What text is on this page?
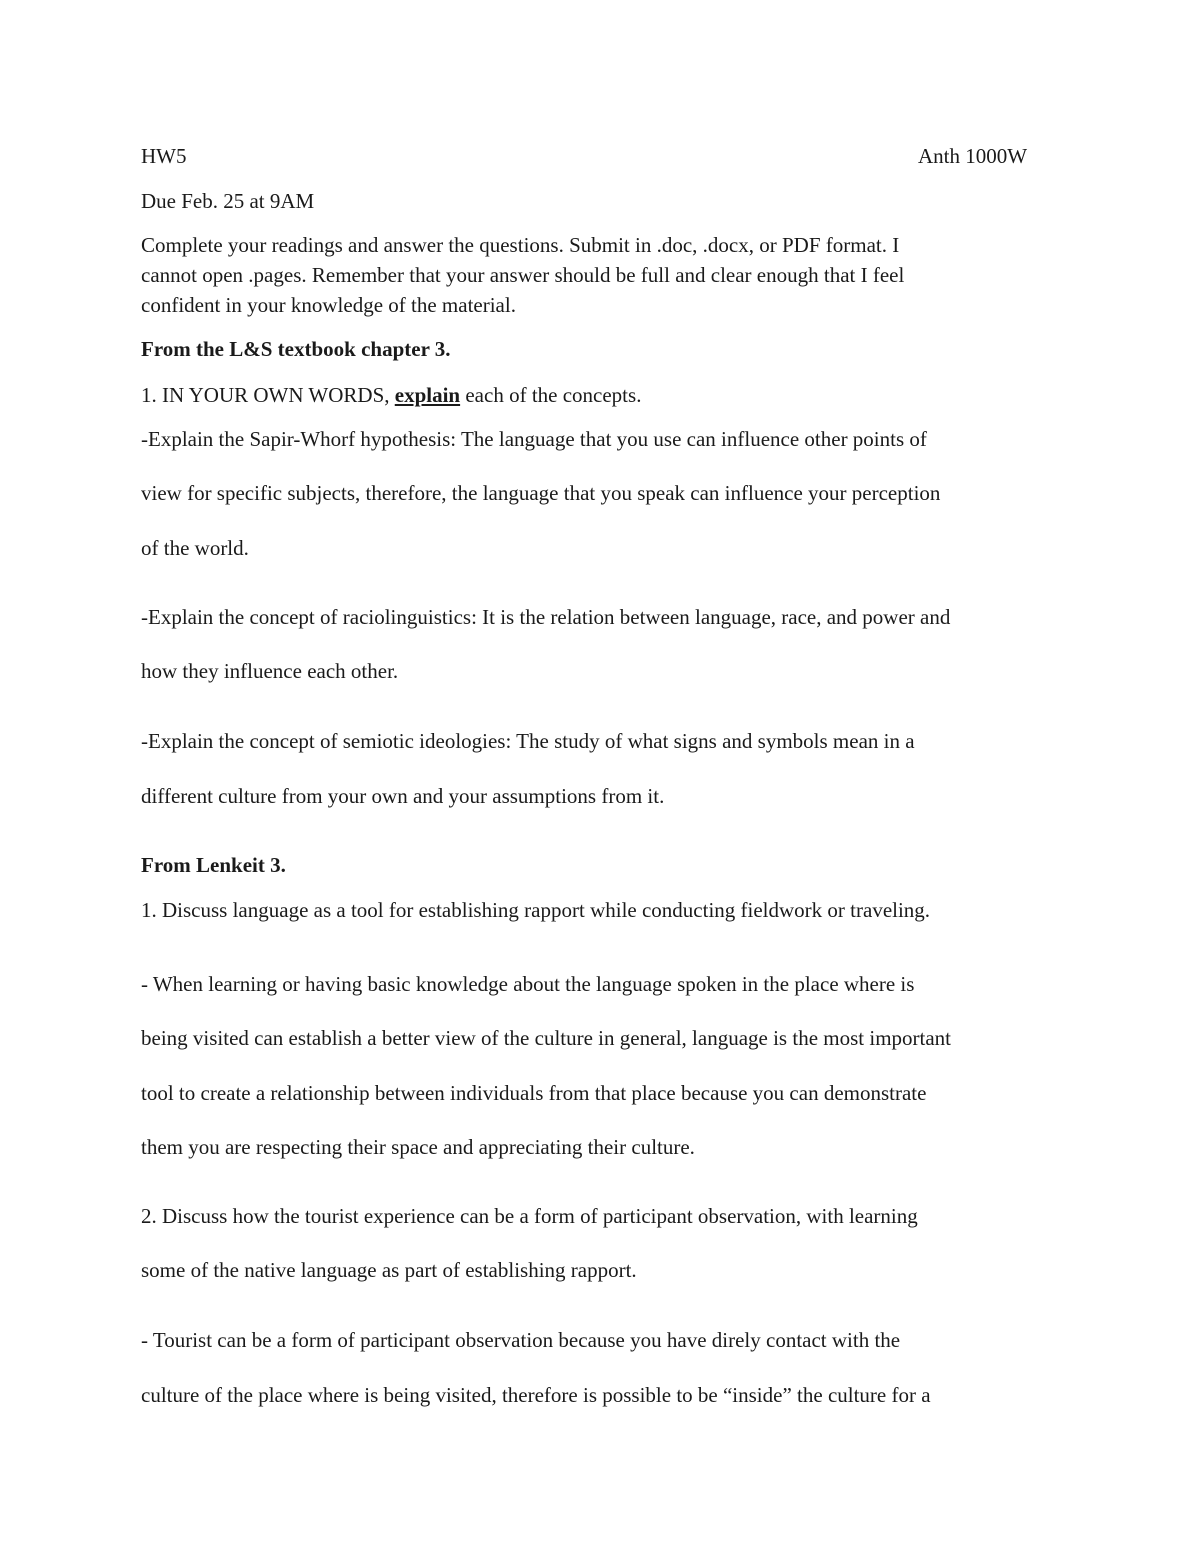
HW5	Anth 1000W
Due Feb. 25 at 9AM
Complete your readings and answer the questions. Submit in .doc, .docx, or PDF format. I
cannot open .pages. Remember that your answer should be full and clear enough that I feel
confident in your knowledge of the material.
From the L&S textbook chapter 3.
1. IN YOUR OWN WORDS, explain each of the concepts.
-Explain the Sapir-Whorf hypothesis: The language that you use can influence other points of
view for specific subjects, therefore, the language that you speak can influence your perception
of the world.
-Explain the concept of raciolinguistics: It is the relation between language, race, and power and
how they influence each other.
-Explain the concept of semiotic ideologies: The study of what signs and symbols mean in a
different culture from your own and your assumptions from it.
From Lenkeit 3.
1. Discuss language as a tool for establishing rapport while conducting fieldwork or traveling.
- When learning or having basic knowledge about the language spoken in the place where is
being visited can establish a better view of the culture in general, language is the most important
tool to create a relationship between individuals from that place because you can demonstrate
them you are respecting their space and appreciating their culture.
2. Discuss how the tourist experience can be a form of participant observation, with learning
some of the native language as part of establishing rapport.
- Tourist can be a form of participant observation because you have direly contact with the
culture of the place where is being visited, therefore is possible to be “inside” the culture for a
